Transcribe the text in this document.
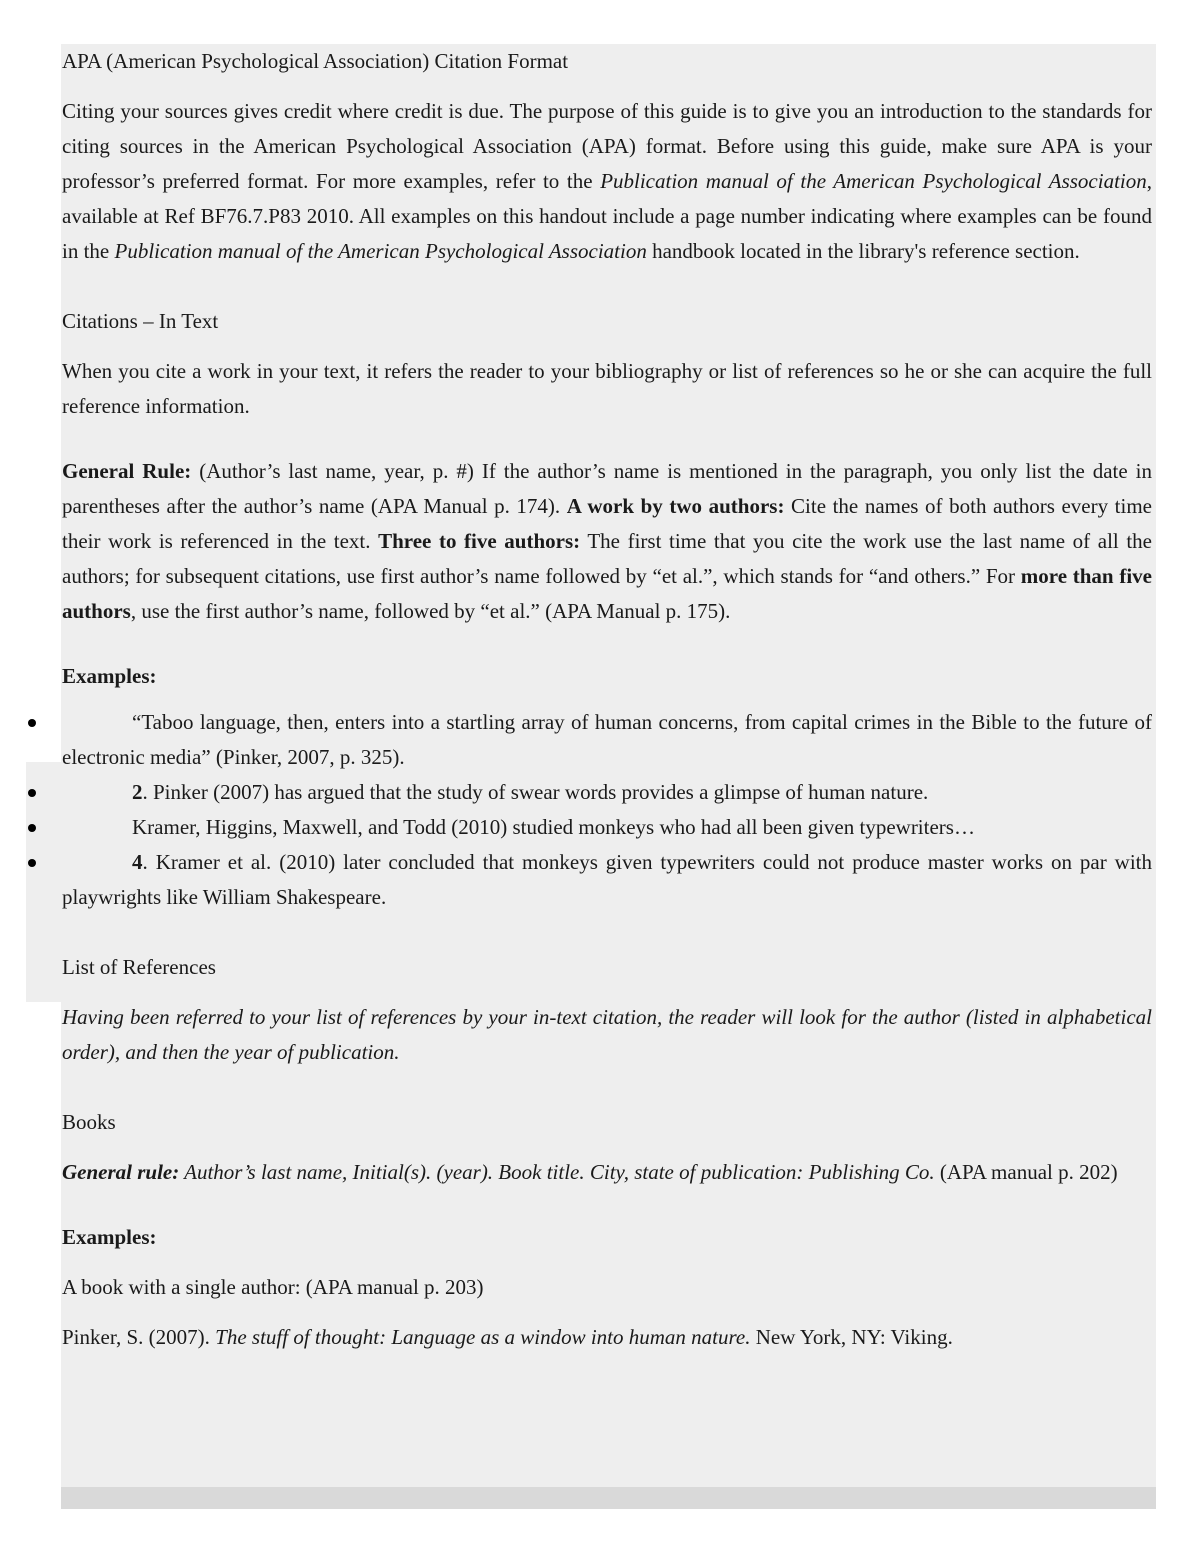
APA (American Psychological Association) Citation Format

Citing your sources gives credit where credit is due. The purpose of this guide is to give you an introduction to the standards for citing sources in the American Psychological Association (APA) format. Before using this guide, make sure APA is your professor’s preferred format. For more examples, refer to the Publication manual of the American Psychological Association, available at Ref BF76.7.P83 2010. All examples on this handout include a page number indicating where examples can be found in the Publication manual of the American Psychological Association handbook located in the library's reference section.

Citations – In Text

When you cite a work in your text, it refers the reader to your bibliography or list of references so he or she can acquire the full reference information.

General Rule: (Author’s last name, year, p. #) If the author’s name is mentioned in the paragraph, you only list the date in parentheses after the author’s name (APA Manual p. 174). A work by two authors: Cite the names of both authors every time their work is referenced in the text. Three to five authors: The first time that you cite the work use the last name of all the authors; for subsequent citations, use first author’s name followed by “et al.”, which stands for “and others.” For more than five authors, use the first author’s name, followed by “et al.” (APA Manual p. 175).

Examples:

“Taboo language, then, enters into a startling array of human concerns, from capital crimes in the Bible to the future of electronic media” (Pinker, 2007, p. 325).
2. Pinker (2007) has argued that the study of swear words provides a glimpse of human nature.
Kramer, Higgins, Maxwell, and Todd (2010) studied monkeys who had all been given typewriters…
4. Kramer et al. (2010) later concluded that monkeys given typewriters could not produce master works on par with playwrights like William Shakespeare.

List of References

Having been referred to your list of references by your in-text citation, the reader will look for the author (listed in alphabetical order), and then the year of publication.

Books

General rule: Author’s last name, Initial(s). (year). Book title. City, state of publication: Publishing Co. (APA manual p. 202)

Examples:

A book with a single author: (APA manual p. 203)

Pinker, S. (2007). The stuff of thought: Language as a window into human nature. New York, NY: Viking.
